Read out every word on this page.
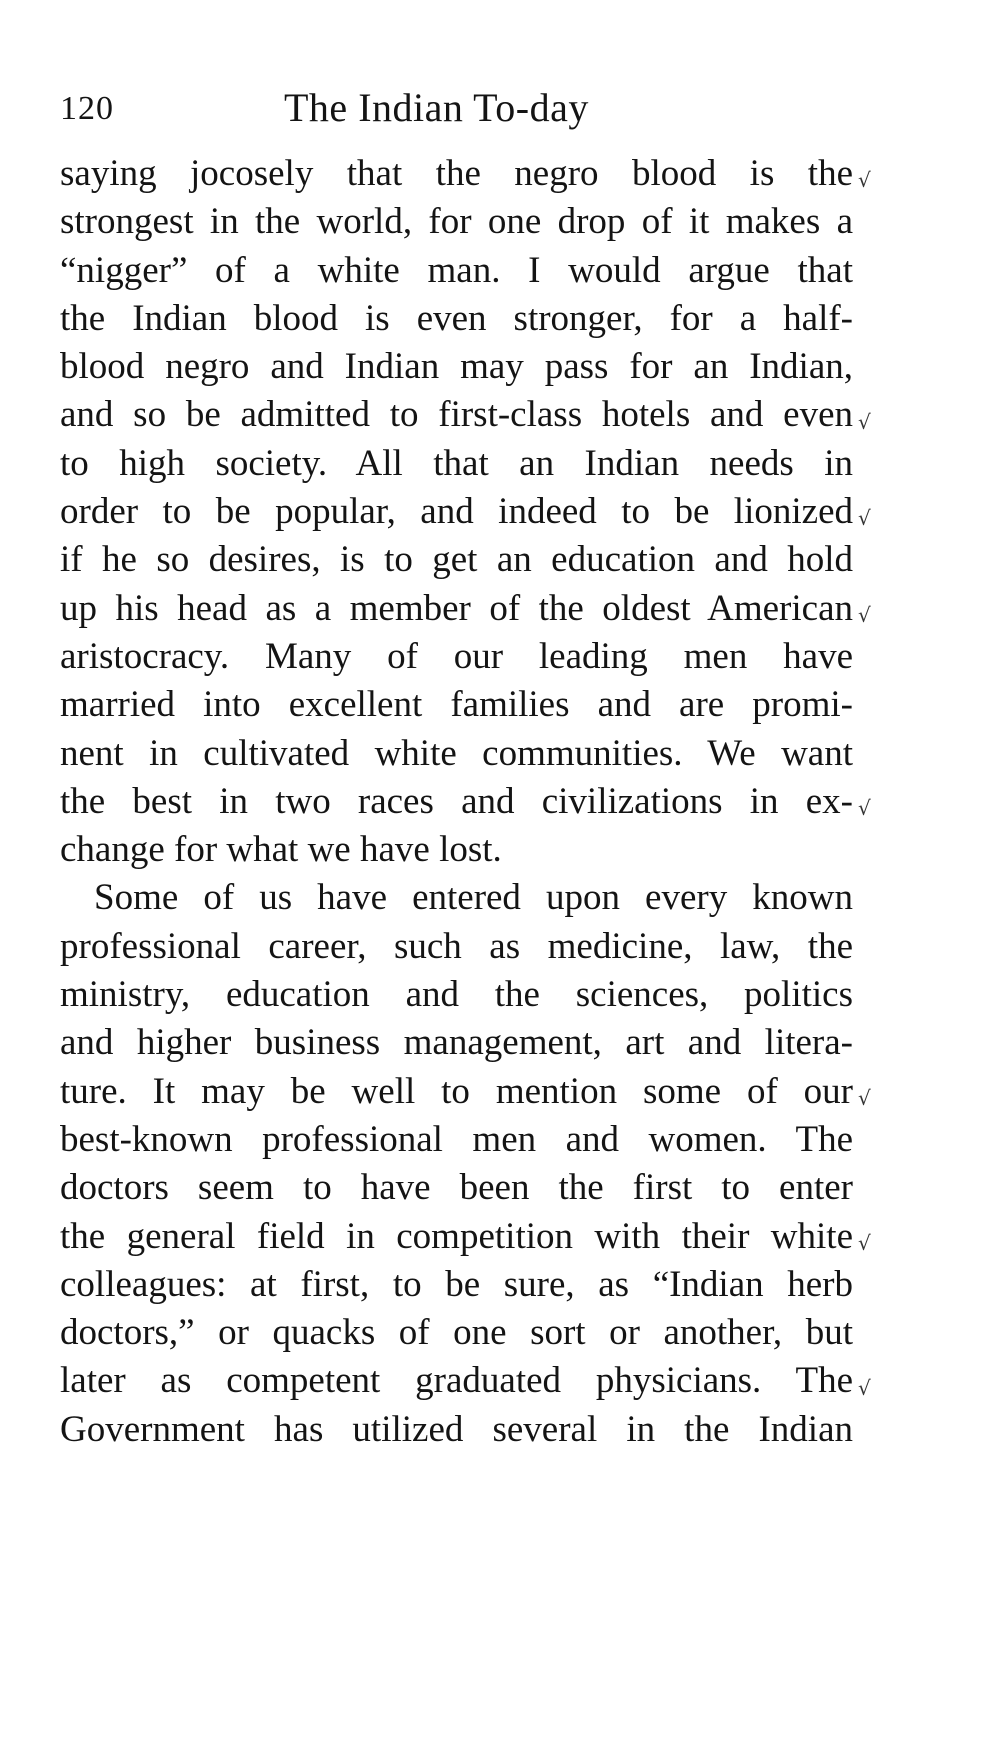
120	The Indian To-day
saying jocosely that the negro blood is the
strongest in the world, for one drop of it makes a
“nigger” of a white man. I would argue that
the Indian blood is even stronger, for a half-
blood negro and Indian may pass for an Indian,
and so be admitted to first-class hotels and even
to high society. All that an Indian needs in
order to be popular, and indeed to be lionized
if he so desires, is to get an education and hold
up his head as a member of the oldest American
aristocracy. Many of our leading men have
married into excellent families and are promi-
nent in cultivated white communities. We want
the best in two races and civilizations in ex-
change for what we have lost.
Some of us have entered upon every known
professional career, such as medicine, law, the
ministry, education and the sciences, politics
and higher business management, art and litera-
ture. It may be well to mention some of our
best-known professional men and women. The
doctors seem to have been the first to enter
the general field in competition with their white
colleagues: at first, to be sure, as “Indian herb
doctors,” or quacks of one sort or another, but
later as competent graduated physicians. The
Government has utilized several in the Indian
√
√
√
√
√
√
√
√
